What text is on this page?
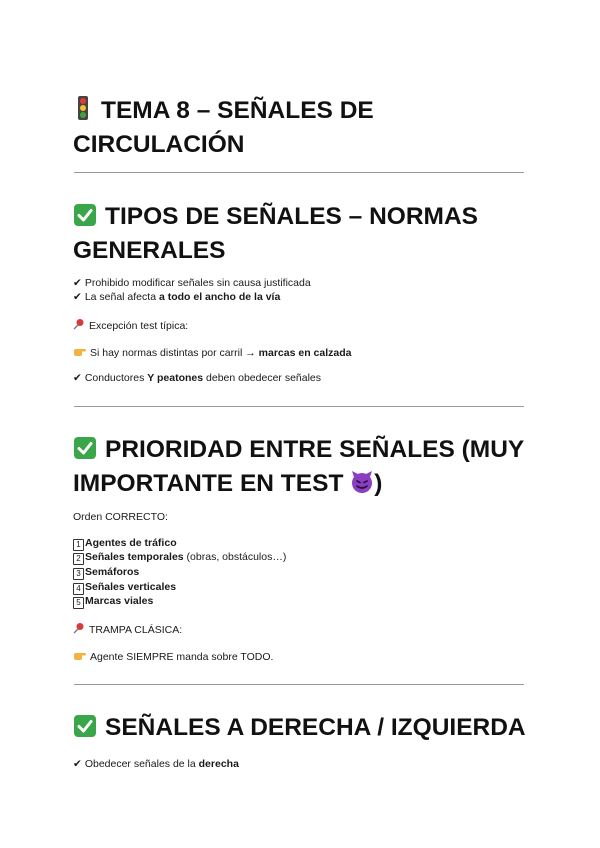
TEMA 8 – SEÑALES DE
CIRCULACIÓN
TIPOS DE SEÑALES – NORMAS
GENERALES
✔ Prohibido modificar señales sin causa justificada
✔ La señal afecta a todo el ancho de la vía
Excepción test típica:
Si hay normas distintas por carril → marcas en calzada
✔ Conductores Y peatones deben obedecer señales
PRIORIDAD ENTRE SEÑALES (MUY
IMPORTANTE EN TEST )
Orden CORRECTO:
1 Agentes de tráfico
2 Señales temporales (obras, obstáculos…)
3 Semáforos
4 Señales verticales
5 Marcas viales
TRAMPA CLÁSICA:
Agente SIEMPRE manda sobre TODO.
SEÑALES A DERECHA / IZQUIERDA
✔ Obedecer señales de la derecha
